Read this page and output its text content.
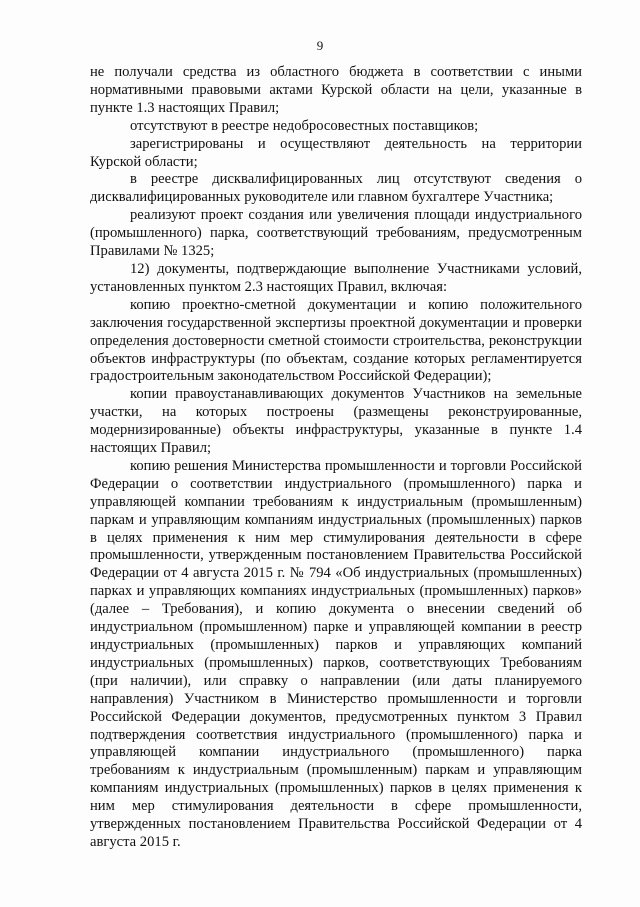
9

не получали средства из областного бюджета в соответствии с иными нормативными правовыми актами Курской области на цели, указанные в пункте 1.3 настоящих Правил;

отсутствуют в реестре недобросовестных поставщиков;

зарегистрированы и осуществляют деятельность на территории Курской области;

в реестре дисквалифицированных лиц отсутствуют сведения о дисквалифицированных руководителе или главном бухгалтере Участника;

реализуют проект создания или увеличения площади индустриального (промышленного) парка, соответствующий требованиям, предусмотренным Правилами № 1325;

12) документы, подтверждающие выполнение Участниками условий, установленных пунктом 2.3 настоящих Правил, включая:

копию проектно-сметной документации и копию положительного заключения государственной экспертизы проектной документации и проверки определения достоверности сметной стоимости строительства, реконструкции объектов инфраструктуры (по объектам, создание которых регламентируется градостроительным законодательством Российской Федерации);

копии правоустанавливающих документов Участников на земельные участки, на которых построены (размещены реконструированные, модернизированные) объекты инфраструктуры, указанные в пункте 1.4 настоящих Правил;

копию решения Министерства промышленности и торговли Российской Федерации о соответствии индустриального (промышленного) парка и управляющей компании требованиям к индустриальным (промышленным) паркам и управляющим компаниям индустриальных (промышленных) парков в целях применения к ним мер стимулирования деятельности в сфере промышленности, утвержденным постановлением Правительства Российской Федерации от 4 августа 2015 г. № 794 «Об индустриальных (промышленных) парках и управляющих компаниях индустриальных (промышленных) парков» (далее – Требования), и копию документа о внесении сведений об индустриальном (промышленном) парке и управляющей компании в реестр индустриальных (промышленных) парков и управляющих компаний индустриальных (промышленных) парков, соответствующих Требованиям (при наличии), или справку о направлении (или даты планируемого направления) Участником в Министерство промышленности и торговли Российской Федерации документов, предусмотренных пунктом 3 Правил подтверждения соответствия индустриального (промышленного) парка и управляющей компании индустриального (промышленного) парка требованиям к индустриальным (промышленным) паркам и управляющим компаниям индустриальных (промышленных) парков в целях применения к ним мер стимулирования деятельности в сфере промышленности, утвержденных постановлением Правительства Российской Федерации от 4 августа 2015 г.
